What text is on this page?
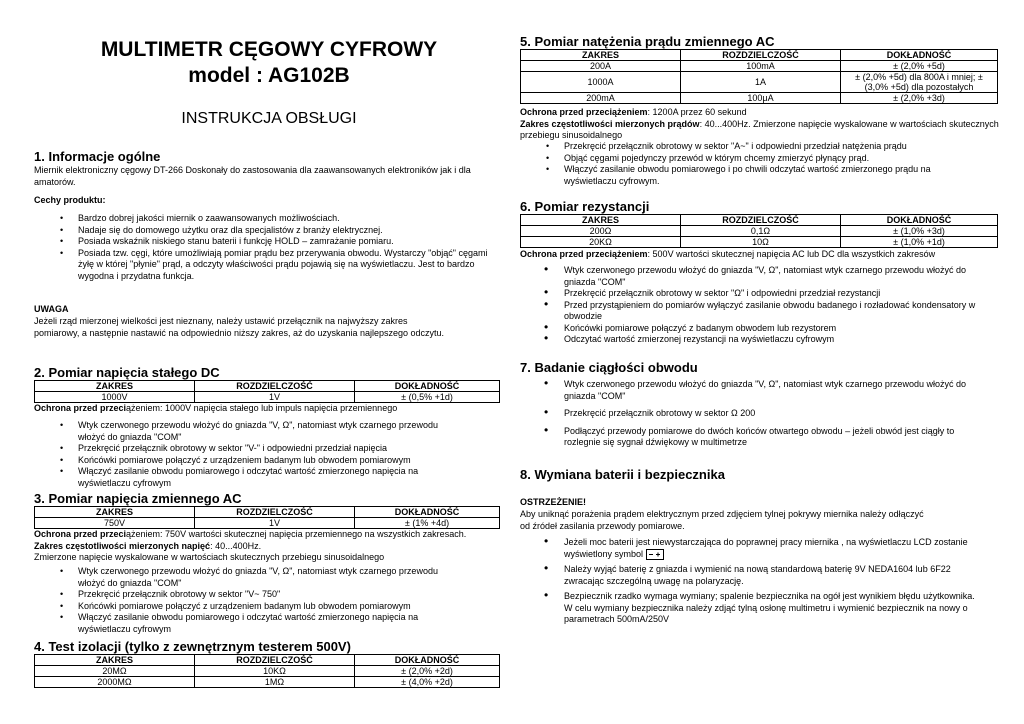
MULTIMETR CĘGOWY CYFROWY
model : AG102B
INSTRUKCJA OBSŁUGI
1. Informacje ogólne
Miernik elektroniczny cęgowy DT-266 Doskonały do zastosowania dla zaawansowanych elektroników jak i dla amatorów.
Cechy produktu:
• Bardzo dobrej jakości miernik o zaawansowanych możliwościach.
• Nadaje się do domowego użytku oraz dla specjalistów z branży elektrycznej.
• Posiada wskaźnik niskiego stanu baterii i funkcję HOLD – zamrażanie pomiaru.
• Posiada tzw. cęgi, które umożliwiają pomiar prądu bez przerywania obwodu. Wystarczy "objąć" cęgami żyłę w której "płynie" prąd, a odczyty właściwości prądu pojawią się na wyświetlaczu. Jest to bardzo wygodna i przydatna funkcja.
UWAGA
Jeżeli rząd mierzonej wielkości jest nieznany, należy ustawić przełącznik na najwyższy zakres pomiarowy, a następnie nastawić na odpowiednio niższy zakres, aż do uzyskania najlepszego odczytu.
2. Pomiar napięcia stałego DC
ZAKRES	ROZDZIELCZOŚĆ	DOKŁADNOŚĆ
1000V	1V	± (0,5% +1d)
Ochrona przed przeciążeniem: 1000V napięcia stałego lub impuls napięcia przemiennego
• Wtyk czerwonego przewodu włożyć do gniazda "V, Ω", natomiast wtyk czarnego przewodu włożyć do gniazda "COM"
• Przekręcić przełącznik obrotowy w sektor "V-" i odpowiedni przedział napięcia
• Końcówki pomiarowe połączyć z urządzeniem badanym lub obwodem pomiarowym
• Włączyć zasilanie obwodu pomiarowego i odczytać wartość zmierzonego napięcia na wyświetlaczu cyfrowym
3. Pomiar napięcia zmiennego AC
ZAKRES	ROZDZIELCZOŚĆ	DOKŁADNOŚĆ
750V	1V	± (1% +4d)
Ochrona przed przeciążeniem: 750V wartości skutecznej napięcia przemiennego na wszystkich zakresach. Zakres częstotliwości mierzonych napięć: 40...400Hz.
Zmierzone napięcie wyskalowane w wartościach skutecznych przebiegu sinusoidalnego
• Wtyk czerwonego przewodu włożyć do gniazda "V, Ω", natomiast wtyk czarnego przewodu włożyć do gniazda "COM"
• Przekręcić przełącznik obrotowy w sektor "V~ 750"
• Końcówki pomiarowe połączyć z urządzeniem badanym lub obwodem pomiarowym
• Włączyć zasilanie obwodu pomiarowego i odczytać wartość zmierzonego napięcia na wyświetlaczu cyfrowym
4. Test izolacji (tylko z zewnętrznym testerem 500V)
ZAKRES	ROZDZIELCZOŚĆ	DOKŁADNOŚĆ
20MΩ	10KΩ	± (2,0% +2d)
2000MΩ	1MΩ	± (4,0% +2d)
5. Pomiar natężenia prądu zmiennego AC
ZAKRES	ROZDZIELCZOŚĆ	DOKŁADNOŚĆ
200A	100mA	± (2,0% +5d)
1000A	1A	± (2,0% +5d) dla 800A i mniej; ± (3,0% +5d) dla pozostałych
200mA	100μA	± (2,0% +3d)
Ochrona przed przeciążeniem: 1200A przez 60 sekund
Zakres częstotliwości mierzonych prądów: 40...400Hz. Zmierzone napięcie wyskalowane w wartościach skutecznych przebiegu sinusoidalnego
• Przekręcić przełącznik obrotowy w sektor "A~" i odpowiedni przedział natężenia prądu
• Objąć cęgami pojedynczy przewód w którym chcemy zmierzyć płynący prąd.
• Włączyć zasilanie obwodu pomiarowego i po chwili odczytać wartość zmierzonego prądu na wyświetlaczu cyfrowym.
6. Pomiar rezystancji
ZAKRES	ROZDZIELCZOŚĆ	DOKŁADNOŚĆ
200Ω	0,1Ω	± (1,0% +3d)
20KΩ	10Ω	± (1,0% +1d)
Ochrona przed przeciążeniem: 500V wartości skutecznej napięcia AC lub DC dla wszystkich zakresów
• Wtyk czerwonego przewodu włożyć do gniazda "V, Ω", natomiast wtyk czarnego przewodu włożyć do gniazda "COM"
• Przekręcić przełącznik obrotowy w sektor "Ω" i odpowiedni przedział rezystancji
• Przed przystąpieniem do pomiarów wyłączyć zasilanie obwodu badanego i rozładować kondensatory w obwodzie
• Końcówki pomiarowe połączyć z badanym obwodem lub rezystorem
• Odczytać wartość zmierzonej rezystancji na wyświetlaczu cyfrowym
7. Badanie ciągłości obwodu
• Wtyk czerwonego przewodu włożyć do gniazda "V, Ω", natomiast wtyk czarnego przewodu włożyć do gniazda "COM"
• Przekręcić przełącznik obrotowy w sektor Ω 200
• Podłączyć przewody pomiarowe do dwóch końców otwartego obwodu – jeżeli obwód jest ciągły to rozlegnie się sygnał dźwiękowy w multimetrze
8. Wymiana baterii i bezpiecznika
OSTRZEŻENIE!
Aby uniknąć porażenia prądem elektrycznym przed zdjęciem tylnej pokrywy miernika należy odłączyć od źródeł zasilania przewody pomiarowe.
• Jeżeli moc baterii jest niewystarczająca do poprawnej pracy miernika , na wyświetlaczu LCD zostanie wyświetlony symbol
• Należy wyjąć baterię z gniazda i wymienić na nową standardową baterię 9V NEDA1604 lub 6F22 zwracając szczególną uwagę na polaryzację.
• Bezpiecznik rzadko wymaga wymiany; spalenie bezpiecznika na ogół jest wynikiem błędu użytkownika. W celu wymiany bezpiecznika należy zdjąć tylną osłonę multimetru i wymienić bezpiecznik na nowy o parametrach 500mA/250V
